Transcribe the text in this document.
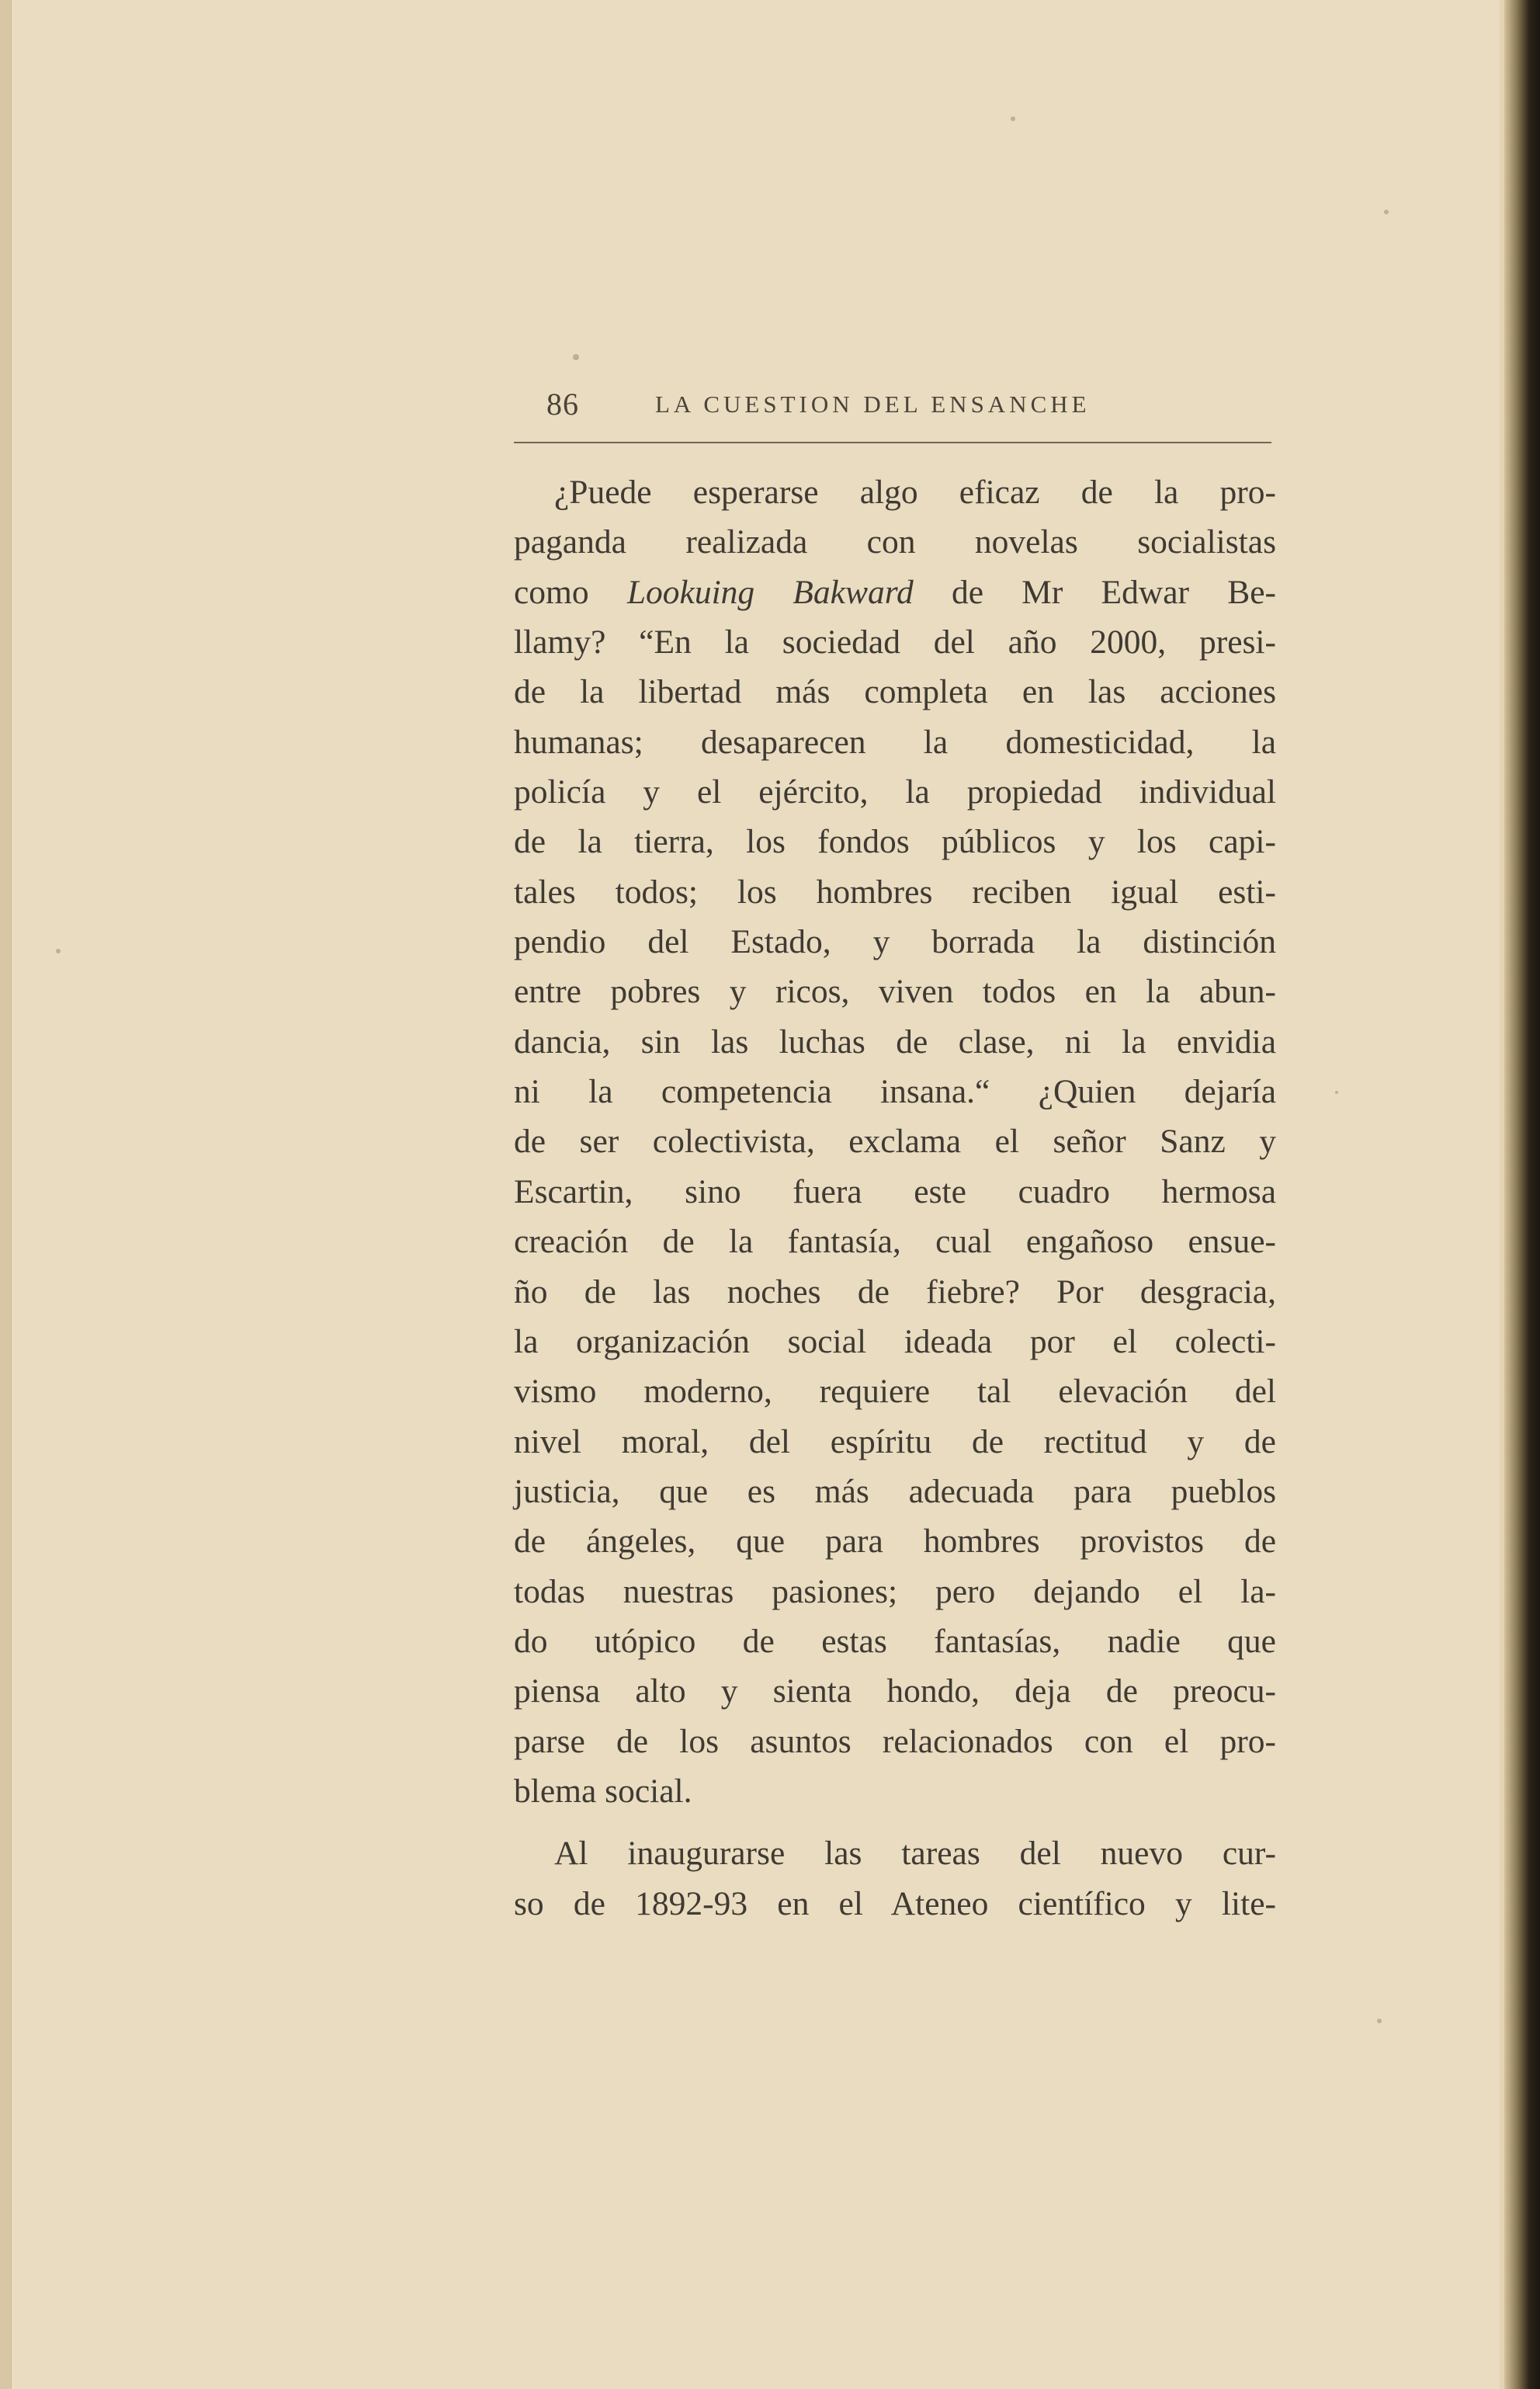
86	LA CUESTION DEL ENSANCHE
¿Puede esperarse algo eficaz de la pro-
paganda realizada con novelas socialistas
como Lookuing Bakward de Mr Edwar Be-
llamy? “En la sociedad del año 2000, presi-
de la libertad más completa en las acciones
humanas; desaparecen la domesticidad, la
policía y el ejército, la propiedad individual
de la tierra, los fondos públicos y los capi-
tales todos; los hombres reciben igual esti-
pendio del Estado, y borrada la distinción
entre pobres y ricos, viven todos en la abun-
dancia, sin las luchas de clase, ni la envidia
ni la competencia insana.“ ¿Quien dejaría
de ser colectivista, exclama el señor Sanz y
Escartin, sino fuera este cuadro hermosa
creación de la fantasía, cual engañoso ensue-
ño de las noches de fiebre? Por desgracia,
la organización social ideada por el colecti-
vismo moderno, requiere tal elevación del
nivel moral, del espíritu de rectitud y de
justicia, que es más adecuada para pueblos
de ángeles, que para hombres provistos de
todas nuestras pasiones; pero dejando el la-
do utópico de estas fantasías, nadie que
piensa alto y sienta hondo, deja de preocu-
parse de los asuntos relacionados con el pro-
blema social.
Al inaugurarse las tareas del nuevo cur-
so de 1892-93 en el Ateneo científico y lite-
